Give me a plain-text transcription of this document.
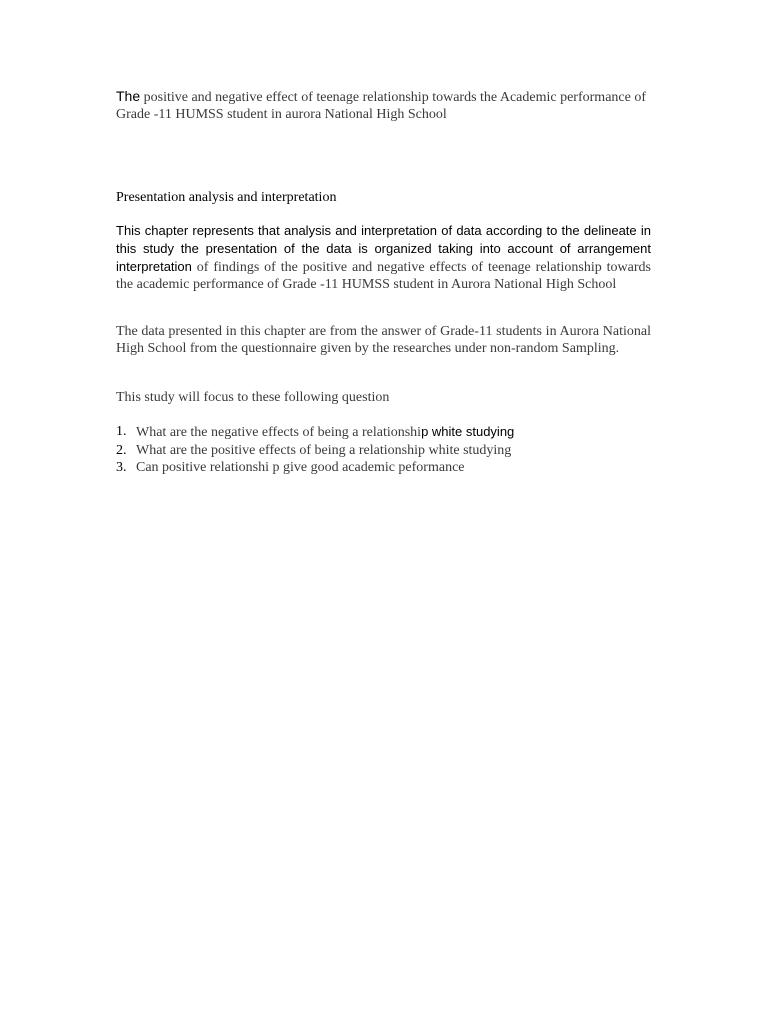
The positive and negative effect of teenage relationship towards the Academic performance of Grade -11 HUMSS student in aurora National High School

Presentation analysis and interpretation

This chapter represents that analysis and interpretation of data according to the delineate in this study the presentation of the data is organized taking into account of arrangement interpretation of findings of the positive and negative effects of teenage relationship towards the academic performance of Grade -11 HUMSS student in Aurora National High School

The data presented in this chapter are from the answer of Grade-11 students in Aurora National High School from the questionnaire given by the researches under non-random Sampling.

This study will focus to these following question

1. What are the negative effects of being a relationship white studying
2. What are the positive effects of being a relationship white studying
3. Can positive relationshi p give good academic peformance
